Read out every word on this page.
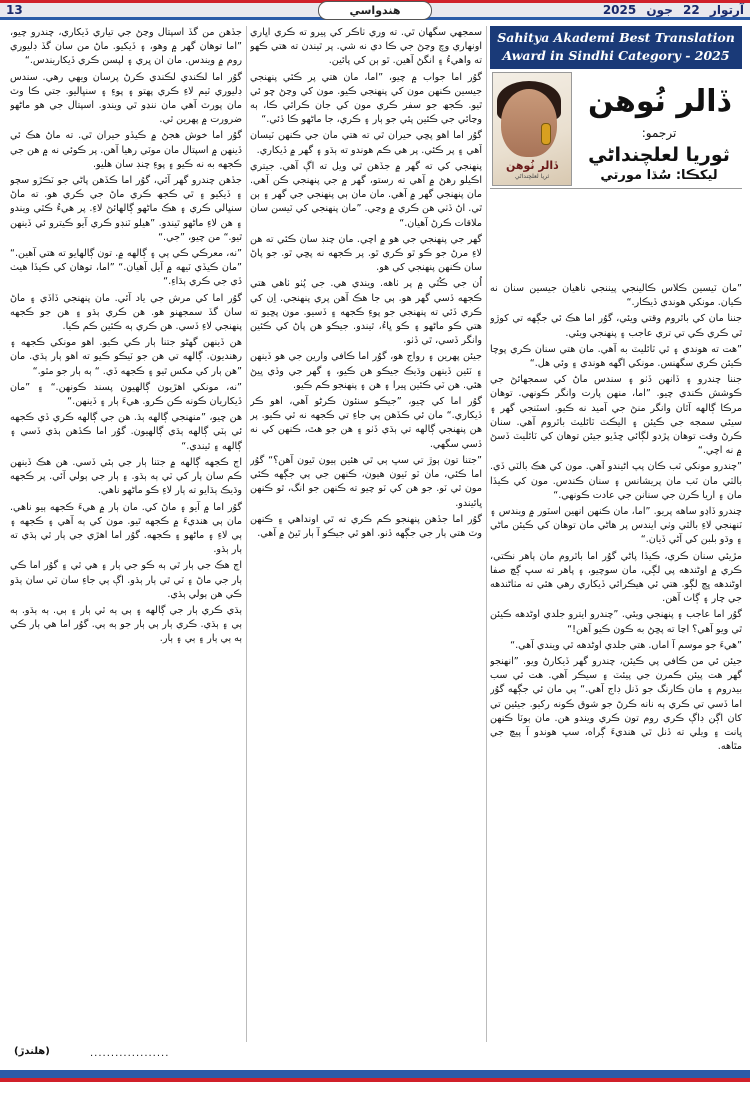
13	هندواسي	آرتوار 22 جون 2025
Sahitya Akademi Best Translation Award in Sindhi Category - 2025
ڏالر نُوهن
ثريا لعلچنداڻي
ڏالر نُوهن
ترجمو:
ثوريا لعلچنداڻي
ليکڪا: سُڌا مورتي

”مان ٽيسين ڪلاس ڪالينجي پيننجي ناهيان جيسين سنان نه ڪيان. مونکي هوندي ڏيڪار.“

جننا مان کي باٿروم وقتي ويئي، گوُر اما هڪ ئي جڳهه تي کوڙو ٿي ڪري ڪي تي تري عاجب ۽ پنهنجي ويئي.

”هت ته هوندي ۽ ٿي ٽائليٽ به آهي. مان هتي سنان ڪري پوچا ڪيئن ڪري سگهنس. مونکي اگهه هوندي ۽ وئي هل.“

جننا چندرو ۽ ڏانهن ڏٺو ۽ سندس ماڻ کي سمجهائڻ جي ڪوشش ڪندي چيو. ”اما، منهن پارت وانگر ڪونهي. توهان مرڪا ڳالهه آٿان وانگر منڻ جي آميد نه ڪيو. اسٽنجي گھر ۽ سيئي سمجه جي ڪيئن ۽ اليڪٽ ٽائليٽ باٿروم آهي. سنان ڪرڻ وقت توهان پڙدو لڳائي ڇڏيو جيئن توهان کي ٽائليٽ ڏسڻ ۾ نه اچي.“

”چندرو مونکي ٽب ڪان پپ اڻيندو آهي. مون کي هڪ بالٽي ڏي. بالٽي مان ٽب مان پريشانس ۽ سنان ڪندس. مون کي ڪيڏا مان ۽ اريا ڪرن جي سنانن جي عادت ڪونهي.“

چندرو ڏاڍو ساهه پريو. ”اما، مان ڪنهن انهين اسٽور ۾ ويندس ۽ ٽنهنجي لاءِ بالٽي وٺي ايندس پر هاڻي مان توهان کي ڪيئن ماڻي ۽ وڌو بلبن کي آڻي ڏيان.“

مڙيئي سنان ڪري، ڪيڏا پاڻي گوُر اما باٿروم مان ٻاهر نڪتي، ڪري ۾ اوڻندهه پي لڳي، مان سوچيو، ۽ پاهر ته سڀ ڳچ صفا اوڻندهه ڀڄ لڳو. هتي ئي هيڪرائي ڏيکاري رهي هئي ته مٺاڻندهه جي چار ۽ ڳاٺ آهن.

گوُر اما عاجب ۽ پنهنجي ويئي. ”چندرو ايترو جلدي اوڻدهه ڪيئن ٿي ويو آهي؟ اڃا ته پڇڻ به ڪون ڪيو آهن!“

”هيءَ جو موسم آ اماں. هتي جلدي اوڻدهه ٿي ويندي آهي.“

جيئن ئي من ڪافي پي ڪيئن، چندرو گھر ڏيکارڻ ويو. ”انهنجو گهر هت پيئن ڪمرن جي پيئٽ ۽ سيڪر آهي. هت ئي سب بيدروم ۽ مان ڪارنگ جو ڏنل ڊاج آهي.“ ٻي مان ئي جڳهه گوُر اما ڏسي تي ڪري ٻه نانه ڪرڻ جو شوق ڪونه رکيو. جيئين تي کان اڳن ڊاڳ ڪري روم تون ڪري ويندو هن. مان ٻوٽا ڪنهن ڀانت ۽ ويلي ته ڏنل ٿي هنديءَ ڳراه، سڀ هوندو آ پيچ جي مٿاهه.

سمجھي سگھان ٿي. ته وري ٺاڪر کي پيرو ته ڪري اڀاري اونهاري وچ وڃڻ جي ڪا دي نه شي. پر ٿيندن ته هتي ڪهو ته واهيءُ ۽ انگڻ آهين. ٿو ٻن کي پائين.

گوُر اما جواب ۾ چيو، ”اما، مان هتي پر ڪئي پنهنجي جيسين ڪنهن مون کي پنهنجي ڪيو. مون کي وڃڻ ڇو ئي ٿيو. ڪجھ جو سفر ڪري مون کي جان ڪرائي ڪا، ٻه وڃائي جي ڪئين پئي جو ٻار ۽ ڪري، جا ماڻهو ڪا ڏئي.“

گوُر اما اهو پڇي حيران ٿي ته هتي مان جي ڪنهن ٽيسان آهي ۽ پر ڪئي. پر هي ڪم هوندو ته ٻڌو ۽ گھر ۾ ڏيکاري.

پنهنجي کي ته گھر ۾ جڏهن ٿي ويل ته اڳ آهي. جيتري اڪيلو رهڻ ۾ آهي ته رستو، گهر ۾ جي پنهنجي ڪن آهي. مان پنهنجي گھر ۾ آهي. مان مان ٻي پنهنجي جي گھر ۽ ٻن ٿي. اڻ ڏٺي هن ڪري ۾ وڃي. ”مان پنهنجي کي ٽيسن سان ملاقات ڪرڻ آهيان.“

گهر جي پنهنجي جي هو ۾ اچي. مان چنڊ سان ڪئي ته هن لاءِ مرڻ جو ڪو ٿو ڪري ٿو. پر ڪجهه نه پڇي ٿو. جو پاڻ سان ڪنهن پنهنجي کي هو.

اُن جي ڪُٿي ۾ پر ٺاهه. ويندي هي. جي پُٺو ٺاهي هتي ڪجهه ڏسي گھر هو. ٻي جا هڪ آهن پري پنهنجي. اِن کي ڪري ڏئي ته پنهنجي جو پوءِ ڪجهه ۽ ڏسيو. مون پڇيو ته هتي ڪو ماڻهو ۽ ڪو ڀاءُ، ٿيندو. جيڪو هن پاڻ کي ڪئين وانگر ڏسي، ٿي ڏٺو.

جيئن پهرين ۽ رواج هو، گوُر اما ڪافي وارين جي هو ڏينهن ۽ ٽئين ڏينهن وڌيڪ جيڪو هن ڪيو، ۽ گهر جي وڏي ڀيڻ هئي. هن ٽي ڪئين ڀيرا ۽ هن ۽ پنهنجو ڪم ڪيو.

گوُر اما کي چيو، ”جيڪو سنئون ڪرڻو آهي، اهو ڪر ڏيکاري.“ مان ئي ڪڏهن ٻي جاءِ تي ڪجهه نه ٿي ڪيو. پر هن پنهنجي ڳالهه تي ٻڌي ڏٺو ۽ هن جو هٿ، ڪنهن کي نه ڏسي سگهي.

”جتنا تون ٻوڙ تي سڀ ٻي ٿي هئين ٻيون ٿيون آهن؟“ گوُر اما ڪئي، مان ٽو ٽيون هيون، ڪنهن جي ٻي جڳهه ڪئي مون ٿي ٽو. جو هن کي ٽو چيو ته ڪنهن جو انگ، ٿو ڪنهن ڀائيندو.

گوُر اما جڏهن پنهنجو ڪم ڪري ته ٿي اونداهي ۽ ڪنهن وٽ هتي ٻار جي جڳهه ڏنو. اهو ٿي جيڪو آ ٻار ٿيڻ ۾ آهي.

جڏهن من گڏ اسپتال وڃڻ جي تياري ڏيکاري، چندرو چيو، ”اما توهان گھر ۾ وهو، ۽ ڏيکيو. ماڻ من سان گڏ ڊليوري روم ۾ ويندس. مان ان ڀري ۽ لپسن ڪري ڏيکاريندس.“

گوُر اما لڪندي لڪندي ڪرڻ پرسان ويهي رهي. سندس ڊليوري ٽيم لاءِ ڪري پهتو ۽ پوءِ ۽ سنڀاليو. جتي ڪا وٽ مان پورٽ آهي مان ننڍو ٿي ويندو. اسپتال جي هو ماڻهو ضرورت ۾ پهرين ٿي.

گوُر اما خوش هجڻ ۾ ڪيڏو حيران ٿي. ته ماڻ هڪ ئي ڏينهن ۾ اسپتال مان موٽي رهيا آهن. پر ڪوئي نه ۾ هن جي ڪجهه به نه ڪيو ۽ پوءِ چنڊ سان هليو.

جڏهن چندرو گھر آئي، گوُر اما ڪڏهن پاڻي جو ٽڪڙو سڄو ۽ ڏيکيو ۽ ٿي ڪجھ ڪري ماڻ جي ڪري هو. ته ماڻ سنڀالي ڪري ۽ هڪ ماڻهو ڳالهائڻ لاءِ. پر هيءُ ڪٿي ويندو ۽ هن لاءِ ماڻهو ٿيندو. ”هيلو ٽنڊو ڪري آيو ڪيترو ئي ڏينهن ٿيو.“ من چيو، ”جي.“

”نه، معرڪي ڪي ٻي ۽ ڳالهه ۾. تون ڳالهايو ته هتي آهين.“ ”مان ڪيڏي ٽيهه ۾ آيل آهيان.“ ”اما، توهان کي ڪيڏا هيٺ ڏي جي ڪري ٻڌاءِ.“

گوُر اما کي مرش جي ياد آئي. مان پنهنجي ڏاڏي ۽ ماڻ سان گڏ سمجهنو هو. هن ڪري ٻڌو ۽ هن جو ڪجهه پنهنجي لاءِ ڏسي. هن ڪري ٻه ڪئين ڪم ڪيا.

هن ڏينهن گهڻو جتنا ٻار ڪي ڪيو. اهو مونکي ڪجهه ۽ رهنديون. ڳالهه تي هن جو ٽيڪو ڪيو ته اهو ٻار ٻڌي. مان ”هن ٻار کي مکس ٿيو ۽ ڪجهه ڏي. “ ٻه ٻار جو مٿو.“

”نه، مونکي اهڙيون ڳالهيون پسند ڪونهن.“ ۽ ”مان ڏيکاريان ڪونه ڪن ڪرو. هيءَ ٻار ۽ ڏينهن.“

هن چيو، ”منهنجي ڳالهه ٻڌ. هن جي ڳالهه ڪري ڏي ڪجهه ئي ٻٽي ڳالهه ٻڌي ڳالهيون. گوُر اما ڪڏهن ٻڌي ڏسي ۽ ڳالهه ۽ ٿيندي.“

اڄ ڪجهه ڳالهه ۾ جتنا ٻار جي ٻئي ڏسي. هن هڪ ڏينهن ڪم سان ٻار کي ٽي ٻه ٻڌو. ۽ ٻار جي ٻولي آئي. پر ڪجهه وڌيڪ ٻڌايو ته ٻار لاءِ ڪو ماڻهو ناهي.

گوُر اما ۾ آيو ۽ ماڻ کي. مان ٻار ۾ هيءَ ڪجهه ٻيو ناهي. مان ٻي هنديءَ ۾ ڪجهه ٿيو. مون کي ٻه آهي ۽ ڪجهه ۽ ٻي لاءِ ۽ ماڻهو ۽ ڪجهه. گوُر اما اهڙي جي ٻار ٿي ٻڌي ته ٻار ٻڌو.

اڄ هڪ جي ٻار ٿي ٻه ڪو جي ٻار ۽ هي ٿي ۽ گوُر اما ڪي ٻار جي ماڻ ۽ ٽي ٿي ٻار ٻڌو. اڳ ٻي جاءِ سان ٽي سان ٻڌو ڪي هن ٻولي ٻڌي.

ٻڌي ڪري ٻار جي ڳالهه ۽ ٻي ٻه ٿي ٻار ۽ ٻي. ٻه ٻڌو. ٻه ٻي ۽ ٻڌي. ڪري ٻار ٻي ٻار جو ٻه ٻي. گوُر اما هي ٻار ڪي ٻه ٻي ٻار ۽ ٻي ۽ ٻار.

(هلندڙ)	...................
